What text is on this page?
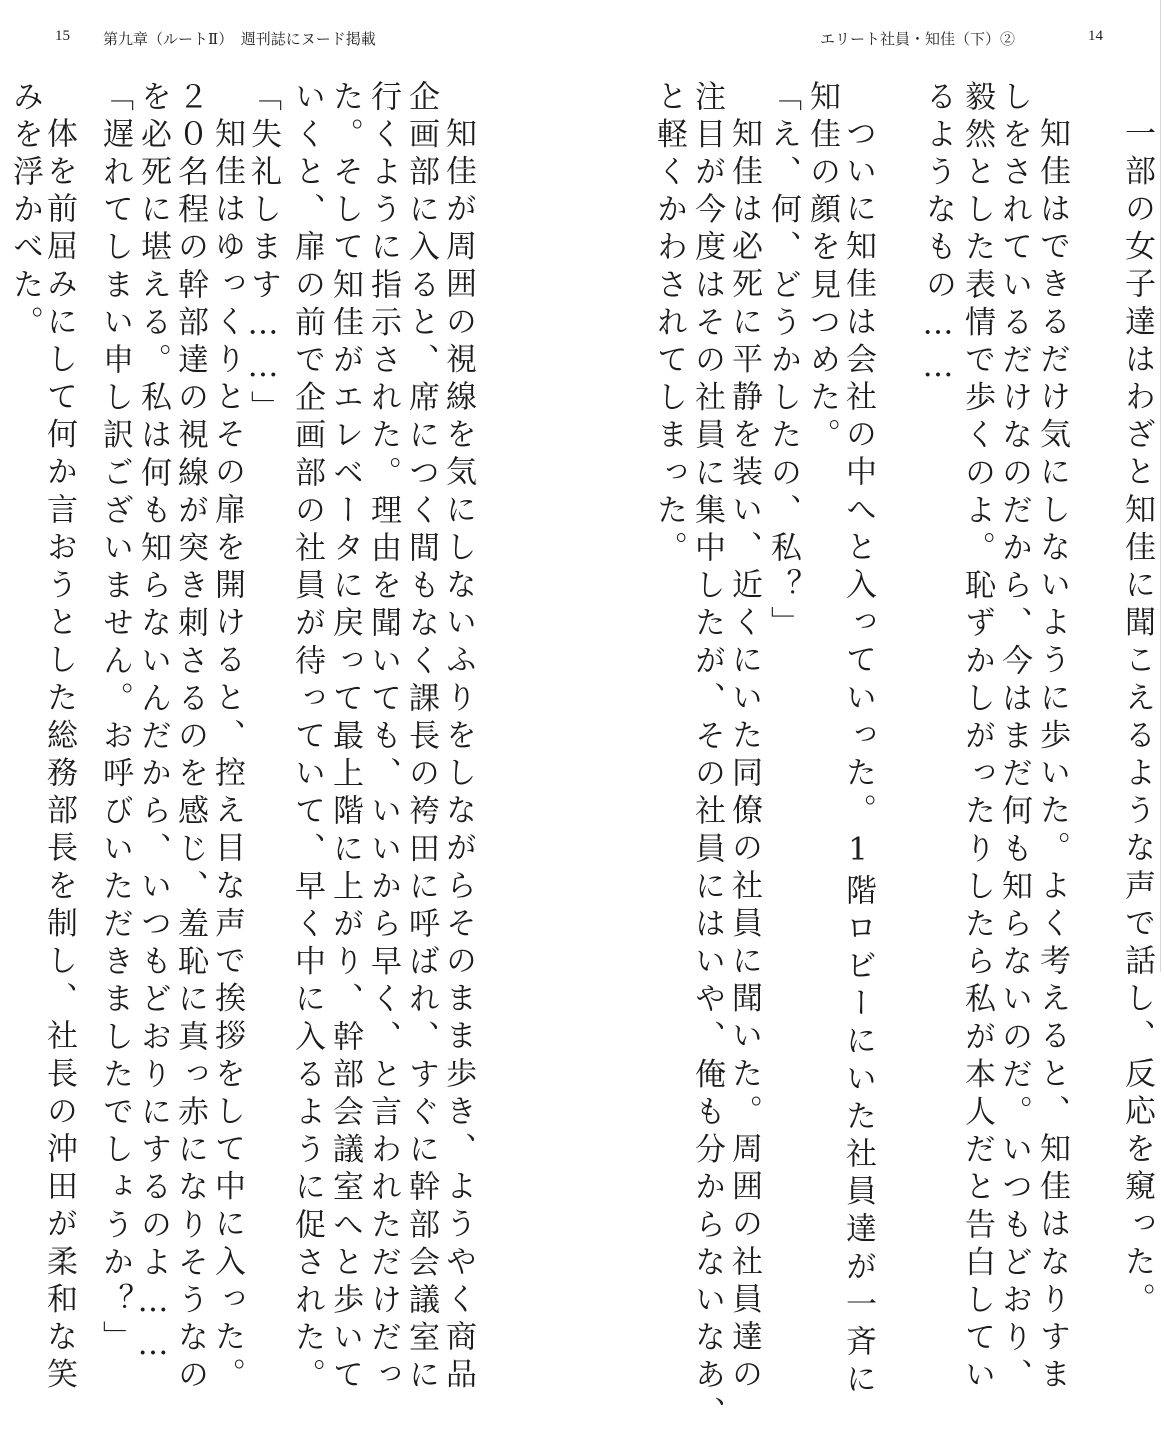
15 第九章（ルートⅡ）　週刊誌にヌード掲載	エリート社員・知佳（下）②	14
一部の女子達はわざと知佳に聞こえるような声で話し、反応を窺った。
知佳はできるだけ気にしないように歩いた。よく考えると、知佳はなりすま
しをされているだけなのだから、今はまだ何も知らないのだ。いつもどおり、
毅然とした表情で歩くのよ。恥ずかしがったりしたら私が本人だと告白してい
るようなもの……
ついに知佳は会社の中へと入っていった。1階ロビーにいた社員達が一斉に
知佳の顔を見つめた。
「え、何、どうかしたの、私？」
知佳は必死に平静を装い、近くにいた同僚の社員に聞いた。周囲の社員達の
注目が今度はその社員に集中したが、その社員にはいや、俺も分からないなあ、
と軽くかわされてしまった。
知佳が周囲の視線を気にしないふりをしながらそのまま歩き、ようやく商品
企画部に入ると、席につく間もなく課長の袴田に呼ばれ、すぐに幹部会議室に
行くように指示された。理由を聞いても、いいから早く、と言われただけだっ
た。そして知佳がエレベータに戻って最上階に上がり、幹部会議室へと歩いて
いくと、扉の前で企画部の社員が待っていて、早く中に入るように促された。
「失礼します……」
知佳はゆっくりとその扉を開けると、控え目な声で挨拶をして中に入った。
２０名程の幹部達の視線が突き刺さるのを感じ、羞恥に真っ赤になりそうなの
を必死に堪える。私は何も知らないんだから、いつもどおりにするのよ……
「遅れてしまい申し訳ございません。お呼びいただきましたでしょうか？」
体を前屈みにして何か言おうとした総務部長を制し、社長の沖田が柔和な笑
みを浮かべた。
